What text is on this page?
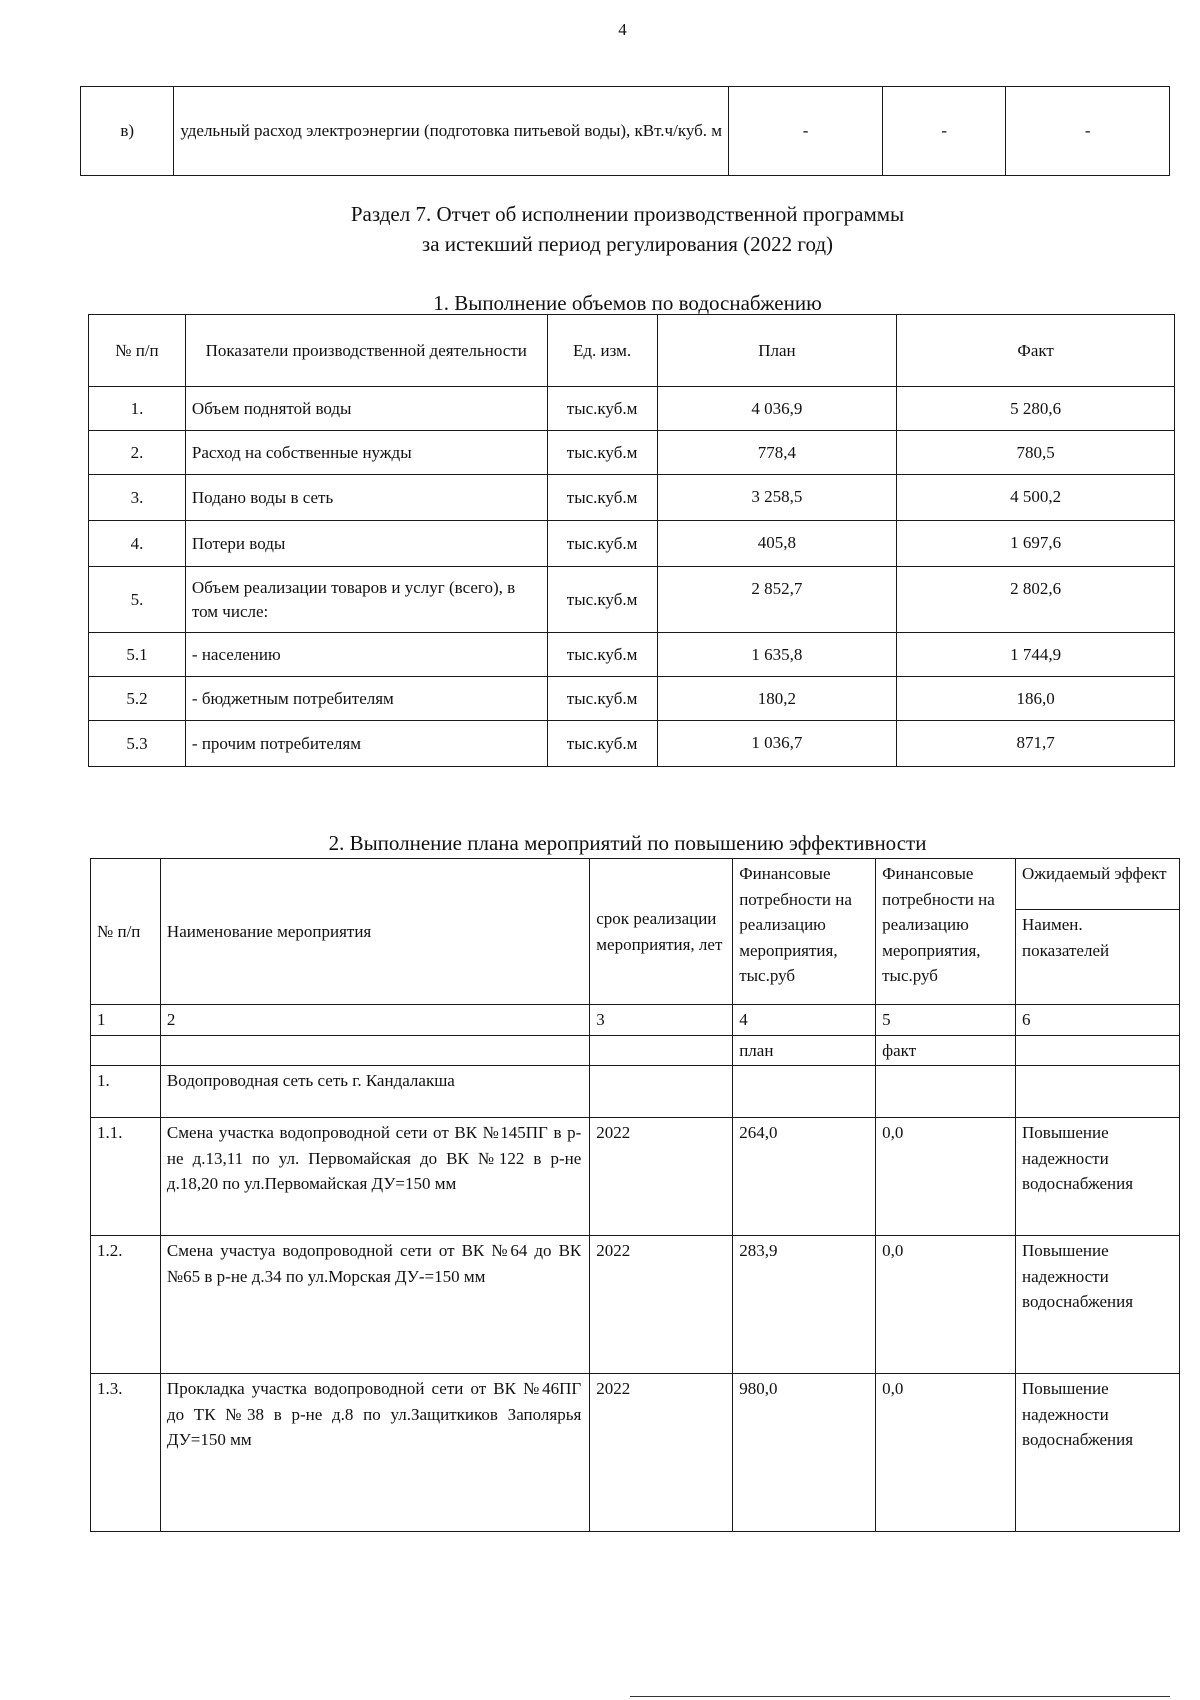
4
в)	удельный расход электроэнергии (подготовка питьевой воды), кВт.ч/куб. м	-	-	-
Раздел 7. Отчет об исполнении производственной программы
за истекший период регулирования (2022 год)
1. Выполнение объемов по водоснабжению
№ п/п	Показатели производственной деятельности	Ед. изм.	План	Факт
1.	Объем поднятой воды	тыс.куб.м	4 036,9	5 280,6
2.	Расход на собственные нужды	тыс.куб.м	778,4	780,5
3.	Подано воды в сеть	тыс.куб.м	3 258,5	4 500,2
4.	Потери воды	тыс.куб.м	405,8	1 697,6
5.	Объем реализации товаров и услуг (всего), в том числе:	тыс.куб.м	2 852,7	2 802,6
5.1	- населению	тыс.куб.м	1 635,8	1 744,9
5.2	- бюджетным потребителям	тыс.куб.м	180,2	186,0
5.3	- прочим потребителям	тыс.куб.м	1 036,7	871,7
2. Выполнение плана мероприятий по повышению эффективности
№ п/п	Наименование мероприятия	срок реализации мероприятия, лет	Финансовые потребности на реализацию мероприятия, тыс.руб	Финансовые потребности на реализацию мероприятия, тыс.руб	Ожидаемый эффект
					Наимен. показателей
1	2	3	4	5	6
			план	факт	
1.	Водопроводная сеть сеть г. Кандалакша				
1.1.	Смена участка водопроводной сети от ВК №145ПГ в р-не д.13,11 по ул. Первомайская до ВК №122 в р-не д.18,20 по ул.Первомайская ДУ=150 мм	2022	264,0	0,0	Повышение надежности водоснабжения
1.2.	Смена участуа водопроводной сети от ВК №64 до ВК №65 в р-не д.34 по ул.Морская ДУ-=150 мм	2022	283,9	0,0	Повышение надежности водоснабжения
1.3.	Прокладка участка водопроводной сети от ВК №46ПГ до ТК №38 в р-не д.8 по ул.Защиткиков Заполярья ДУ=150 мм	2022	980,0	0,0	Повышение надежности водоснабжения
